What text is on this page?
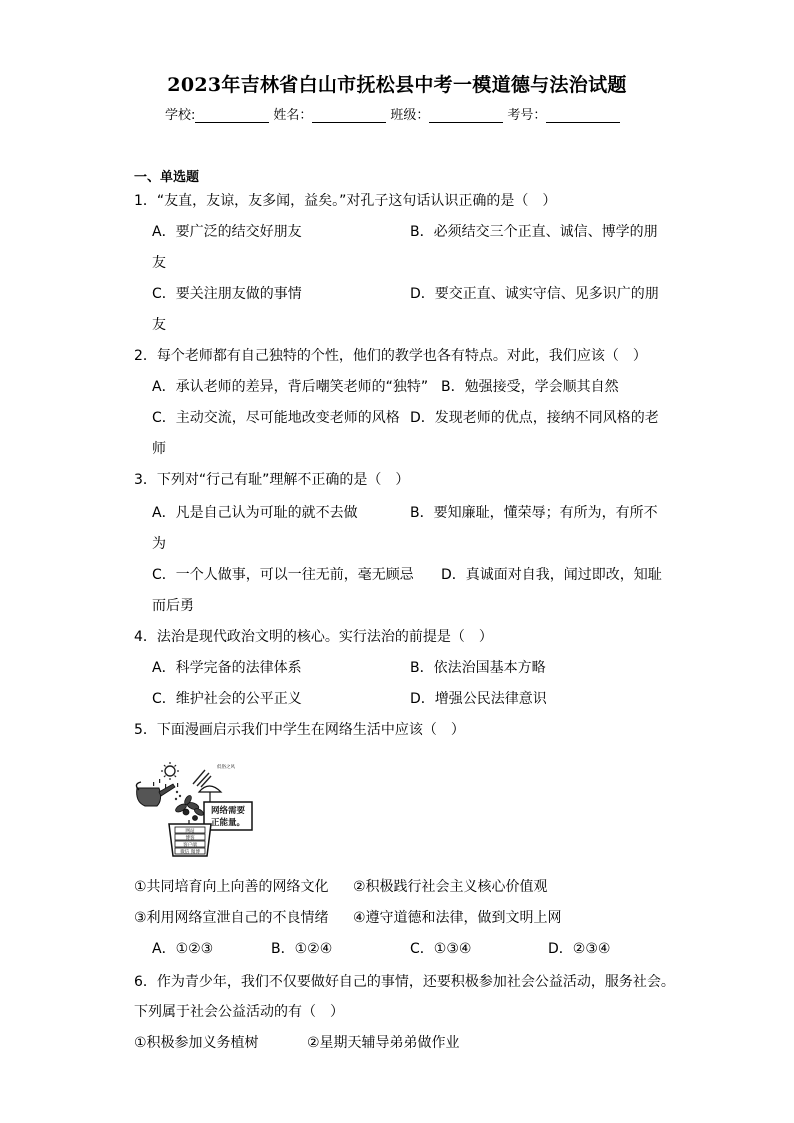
2023年吉林省白山市抚松县中考一模道德与法治试题
学校:	姓名：	班级：	考号：
一、单选题
1．“友直，友谅，友多闻，益矣。”对孔子这句话认识正确的是（　）
A．要广泛的结交好朋友	B．必须结交三个正直、诚信、博学的朋
友
C．要关注朋友做的事情	D．要交正直、诚实守信、见多识广的朋
友
2．每个老师都有自己独特的个性，他们的教学也各有特点。对此，我们应该（　）
A．承认老师的差异，背后嘲笑老师的“独特” B．勉强接受，学会顺其自然
C．主动交流，尽可能地改变老师的风格 D．发现老师的优点，接纳不同风格的老
师
3．下列对“行己有耻”理解不正确的是（　）
A．凡是自己认为可耻的就不去做	B．要知廉耻，懂荣辱；有所为，有所不
为
C．一个人做事，可以一往无前，毫无顾忌 D．真诚面对自我，闻过即改，知耻
而后勇
4．法治是现代政治文明的核心。实行法治的前提是（　）
A．科学完备的法律体系	B．依法治国基本方略
C．维护社会的公平正义	D．增强公民法律意识
5．下面漫画启示我们中学生在网络生活中应该（　）
低俗之风
网络需要
正能量。
网站
博客
客户端
微信 微博
①共同培育向上向善的网络文化 ②积极践行社会主义核心价值观
③利用网络宣泄自己的不良情绪 ④遵守道德和法律，做到文明上网
A．①②③	B．①②④	C．①③④	D．②③④
6．作为青少年，我们不仅要做好自己的事情，还要积极参加社会公益活动，服务社会。
下列属于社会公益活动的有（　）
①积极参加义务植树	②星期天辅导弟弟做作业
